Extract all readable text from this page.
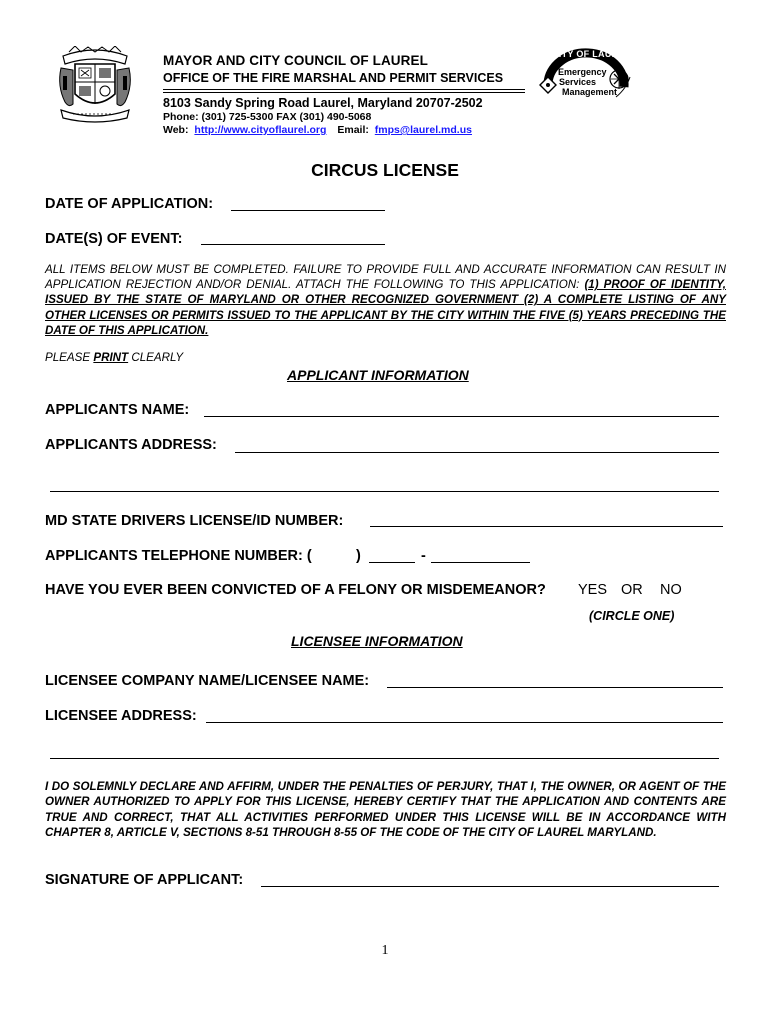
MAYOR AND CITY COUNCIL OF LAUREL
OFFICE OF THE FIRE MARSHAL AND PERMIT SERVICES
8103 Sandy Spring Road Laurel, Maryland 20707-2502
Phone: (301) 725-5300 FAX (301) 490-5068
Web: http://www.cityoflaurel.org Email: fmps@laurel.md.us
CITY OF LAUREL
Emergency
Services
Management
MARYLAND
CIRCUS LICENSE
DATE OF APPLICATION:
DATE(S) OF EVENT:
ALL ITEMS BELOW MUST BE COMPLETED. FAILURE TO PROVIDE FULL AND ACCURATE INFORMATION CAN RESULT IN APPLICATION REJECTION AND/OR DENIAL. ATTACH THE FOLLOWING TO THIS APPLICATION: (1) PROOF OF IDENTITY, ISSUED BY THE STATE OF MARYLAND OR OTHER RECOGNIZED GOVERNMENT (2) A COMPLETE LISTING OF ANY OTHER LICENSES OR PERMITS ISSUED TO THE APPLICANT BY THE CITY WITHIN THE FIVE (5) YEARS PRECEDING THE DATE OF THIS APPLICATION.
PLEASE PRINT CLEARLY
APPLICANT INFORMATION
APPLICANTS NAME:
APPLICANTS ADDRESS:
MD STATE DRIVERS LICENSE/ID NUMBER:
APPLICANTS TELEPHONE NUMBER: (	)	-
HAVE YOU EVER BEEN CONVICTED OF A FELONY OR MISDEMEANOR? YES OR NO
(CIRCLE ONE)
LICENSEE INFORMATION
LICENSEE COMPANY NAME/LICENSEE NAME:
LICENSEE ADDRESS:
I DO SOLEMNLY DECLARE AND AFFIRM, UNDER THE PENALTIES OF PERJURY, THAT I, THE OWNER, OR AGENT OF THE OWNER AUTHORIZED TO APPLY FOR THIS LICENSE, HEREBY CERTIFY THAT THE APPLICATION AND CONTENTS ARE TRUE AND CORRECT, THAT ALL ACTIVITIES PERFORMED UNDER THIS LICENSE WILL BE IN ACCORDANCE WITH CHAPTER 8, ARTICLE V, SECTIONS 8-51 THROUGH 8-55 OF THE CODE OF THE CITY OF LAUREL MARYLAND.
SIGNATURE OF APPLICANT:
1
